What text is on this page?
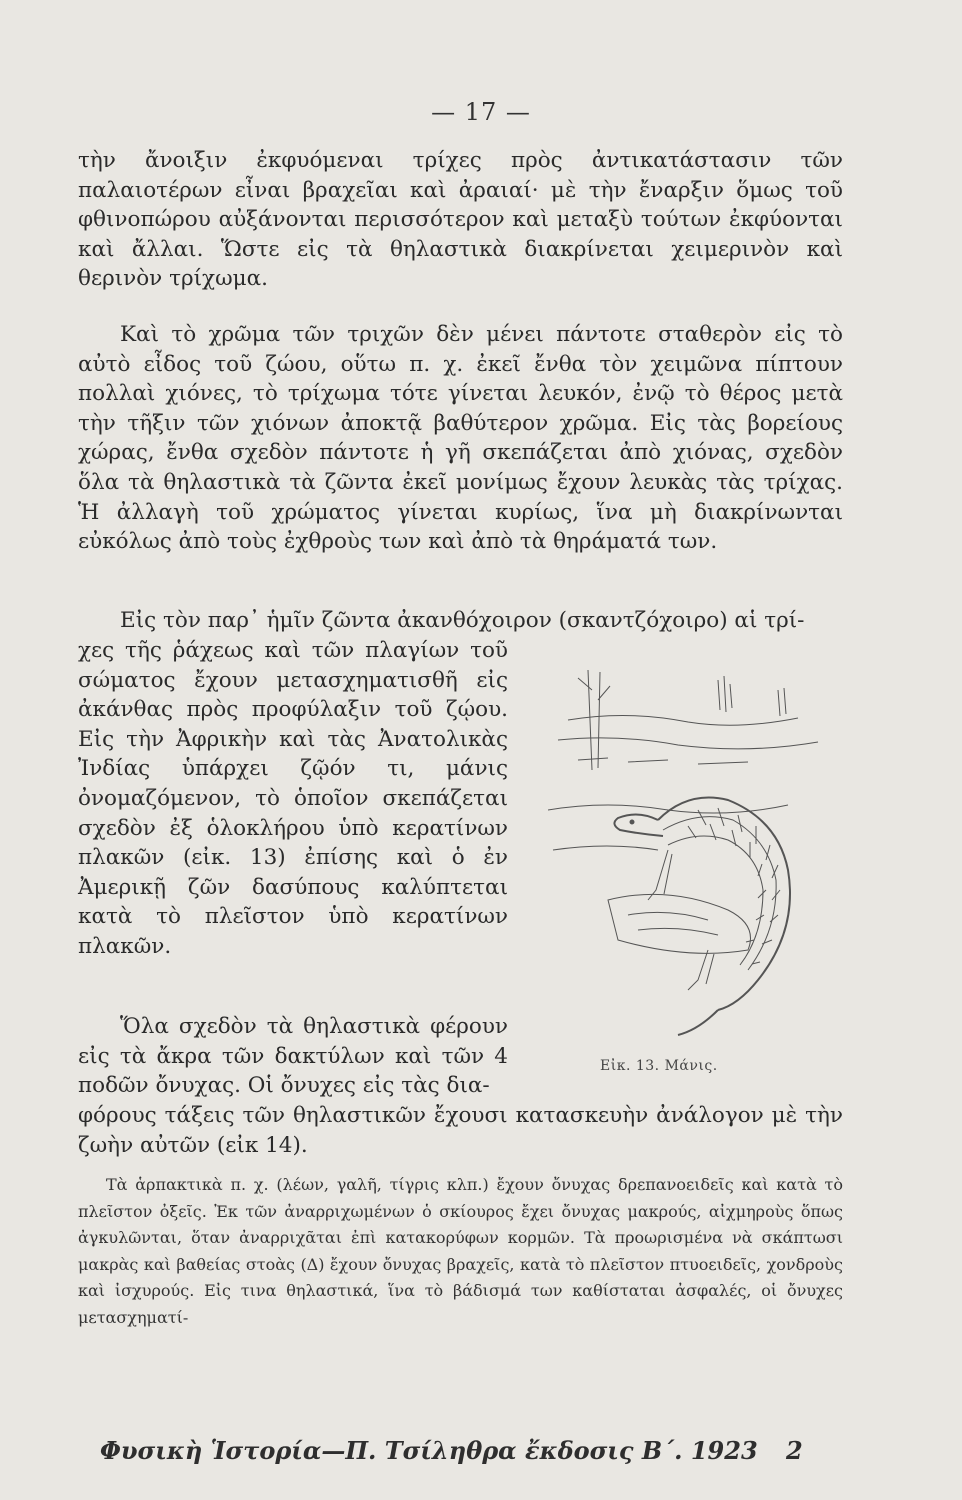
— 17 —

τὴν ἄνοιξιν ἐκφυόμεναι τρίχες πρὸς ἀντικατάστασιν τῶν παλαιοτέρων εἶναι βραχεῖαι καὶ ἀραιαί· μὲ τὴν ἔναρξιν ὅμως τοῦ φθινοπώρου αὐξάνονται περισσότερον καὶ μεταξὺ τούτων ἐκφύονται καὶ ἄλλαι. Ὥστε εἰς τὰ θηλαστικὰ διακρίνεται χειμερινὸν καὶ θερινὸν τρίχωμα.

Καὶ τὸ χρῶμα τῶν τριχῶν δὲν μένει πάντοτε σταθερὸν εἰς τὸ αὐτὸ εἶδος τοῦ ζώου, οὕτω π. χ. ἐκεῖ ἔνθα τὸν χειμῶνα πίπτουν πολλαὶ χιόνες, τὸ τρίχωμα τότε γίνεται λευκόν, ἐνῷ τὸ θέρος μετὰ τὴν τῆξιν τῶν χιόνων ἀποκτᾷ βαθύτερον χρῶμα. Εἰς τὰς βορείους χώρας, ἔνθα σχεδὸν πάντοτε ἡ γῆ σκεπάζεται ἀπὸ χιόνας, σχεδὸν ὅλα τὰ θηλαστικὰ τὰ ζῶντα ἐκεῖ μονίμως ἔχουν λευκὰς τὰς τρίχας. Ἡ ἀλλαγὴ τοῦ χρώματος γίνεται κυρίως, ἵνα μὴ διακρίνωνται εὐκόλως ἀπὸ τοὺς ἐχθροὺς των καὶ ἀπὸ τὰ θηράματά των.

Εἰς τὸν παρ᾽ ἡμῖν ζῶντα ἀκανθόχοιρον (σκαντζόχοιρο) αἱ τρί-

χες τῆς ῥάχεως καὶ τῶν πλαγίων τοῦ σώματος ἔχουν μετασχηματισθῆ εἰς ἀκάνθας πρὸς προφύλαξιν τοῦ ζῴου. Εἰς τὴν Ἀφρικὴν καὶ τὰς Ἀνατολικὰς Ἰνδίας ὑπάρχει ζῷόν τι, μάνις ὀνομαζόμενον, τὸ ὁποῖον σκεπάζεται σχεδὸν ἐξ ὁλοκλήρου ὑπὸ κερατίνων πλακῶν (εἰκ. 13) ἐπίσης καὶ ὁ ἐν Ἀμερικῇ ζῶν δασύπους καλύπτεται κατὰ τὸ πλεῖστον ὑπὸ κερατίνων πλακῶν.

Ὅλα σχεδὸν τὰ θηλαστικὰ φέρουν εἰς τὰ ἄκρα τῶν δακτύλων καὶ τῶν 4 ποδῶν ὄνυχας. Οἱ ὄνυχες εἰς τὰς δια-

Εἰκ. 13. Μάνις.

φόρους τάξεις τῶν θηλαστικῶν ἔχουσι κατασκευὴν ἀνάλογον μὲ τὴν ζωὴν αὐτῶν (εἰκ 14).

Τὰ ἁρπακτικὰ π. χ. (λέων, γαλῆ, τίγρις κλπ.) ἔχουν ὄνυχας δρεπανοειδεῖς καὶ κατὰ τὸ πλεῖστον ὀξεῖς. Ἐκ τῶν ἀναρριχωμένων ὁ σκίουρος ἔχει ὄνυχας μακρούς, αἰχμηροὺς ὅπως ἀγκυλῶνται, ὅταν ἀναρριχᾶται ἐπὶ κατακορύφων κορμῶν. Τὰ προωρισμένα νὰ σκάπτωσι μακρὰς καὶ βαθείας στοὰς (Δ) ἔχουν ὄνυχας βραχεῖς, κατὰ τὸ πλεῖστον πτυοειδεῖς, χονδροὺς καὶ ἰσχυρούς. Εἰς τινα θηλαστικά, ἵνα τὸ βάδισμά των καθίσταται ἀσφαλές, οἱ ὄνυχες μετασχηματί-

Φυσικὴ Ἱστορία—Π. Τσίληθρα ἔκδοσις Β΄. 1923	2
